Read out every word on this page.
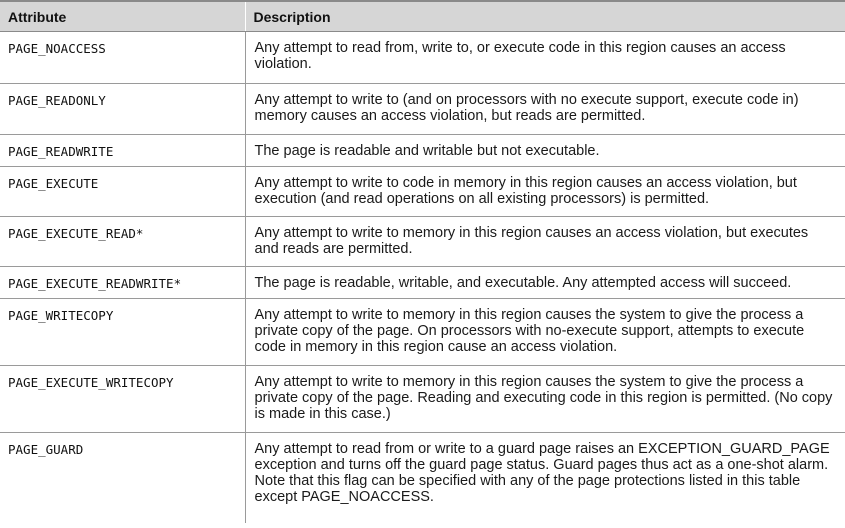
Attribute	Description
PAGE_NOACCESS	Any attempt to read from, write to, or execute code in this region causes an access violation.
PAGE_READONLY	Any attempt to write to (and on processors with no execute support, execute code in) memory causes an access violation, but reads are permitted.
PAGE_READWRITE	The page is readable and writable but not executable.
PAGE_EXECUTE	Any attempt to write to code in memory in this region causes an access violation, but execution (and read operations on all existing processors) is permitted.
PAGE_EXECUTE_READ*	Any attempt to write to memory in this region causes an access violation, but executes and reads are permitted.
PAGE_EXECUTE_READWRITE*	The page is readable, writable, and executable. Any attempted access will succeed.
PAGE_WRITECOPY	Any attempt to write to memory in this region causes the system to give the process a private copy of the page. On processors with no-execute support, attempts to execute code in memory in this region cause an access violation.
PAGE_EXECUTE_WRITECOPY	Any attempt to write to memory in this region causes the system to give the process a private copy of the page. Reading and executing code in this region is permitted. (No copy is made in this case.)
PAGE_GUARD	Any attempt to read from or write to a guard page raises an EXCEPTION_GUARD_PAGE exception and turns off the guard page status. Guard pages thus act as a one-shot alarm. Note that this flag can be specified with any of the page protections listed in this table except PAGE_NOACCESS.
